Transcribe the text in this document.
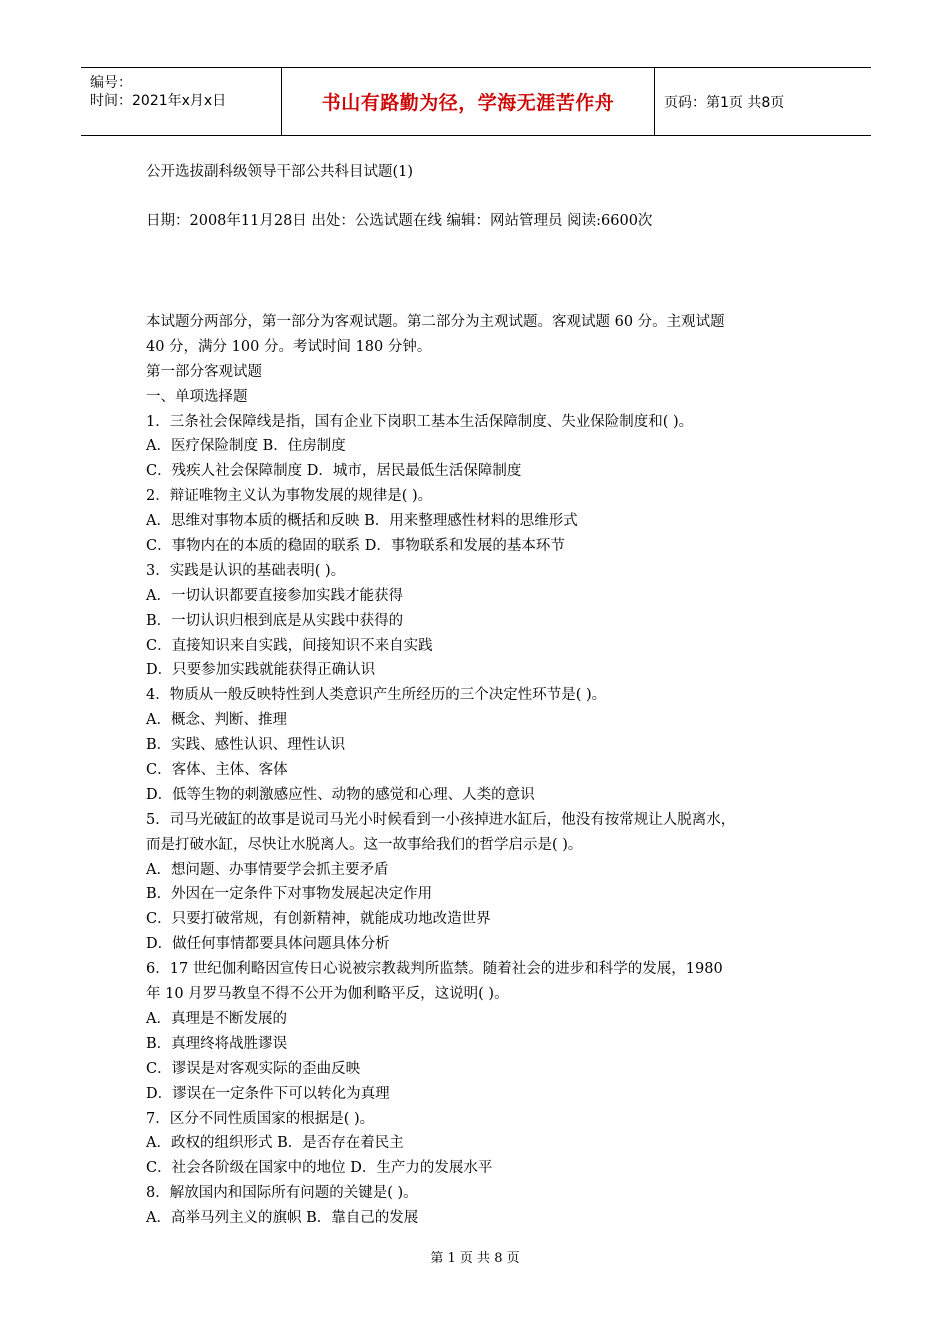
编号：
时间：2021年x月x日	书山有路勤为径，学海无涯苦作舟	页码：第1页 共8页
公开选拔副科级领导干部公共科目试题(1)
日期：2008年11月28日 出处：公选试题在线 编辑：网站管理员 阅读:6600次
本试题分两部分，第一部分为客观试题。第二部分为主观试题。客观试题 60 分。主观试题
40 分，满分 100 分。考试时间 180 分钟。
第一部分客观试题
一、单项选择题
1．三条社会保障线是指，国有企业下岗职工基本生活保障制度、失业保险制度和( )。
A．医疗保险制度 B．住房制度
C．残疾人社会保障制度 D．城市，居民最低生活保障制度
2．辩证唯物主义认为事物发展的规律是( )。
A．思维对事物本质的概括和反映 B．用来整理感性材料的思维形式
C．事物内在的本质的稳固的联系 D．事物联系和发展的基本环节
3．实践是认识的基础表明( )。
A．一切认识都要直接参加实践才能获得
B．一切认识归根到底是从实践中获得的
C．直接知识来自实践，间接知识不来自实践
D．只要参加实践就能获得正确认识
4．物质从一般反映特性到人类意识产生所经历的三个决定性环节是( )。
A．概念、判断、推理
B．实践、感性认识、理性认识
C．客体、主体、客体
D．低等生物的刺激感应性、动物的感觉和心理、人类的意识
5．司马光破缸的故事是说司马光小时候看到一小孩掉进水缸后，他没有按常规让人脱离水，
而是打破水缸，尽快让水脱离人。这一故事给我们的哲学启示是( )。
A．想问题、办事情要学会抓主要矛盾
B．外因在一定条件下对事物发展起决定作用
C．只要打破常规，有创新精神，就能成功地改造世界
D．做任何事情都要具体问题具体分析
6．17 世纪伽利略因宣传日心说被宗教裁判所监禁。随着社会的进步和科学的发展，1980
年 10 月罗马教皇不得不公开为伽利略平反，这说明( )。
A．真理是不断发展的
B．真理终将战胜谬误
C．谬误是对客观实际的歪曲反映
D．谬误在一定条件下可以转化为真理
7．区分不同性质国家的根据是( )。
A．政权的组织形式 B．是否存在着民主
C．社会各阶级在国家中的地位 D．生产力的发展水平
8．解放国内和国际所有问题的关键是( )。
A．高举马列主义的旗帜 B．靠自己的发展
第 1 页 共 8 页
